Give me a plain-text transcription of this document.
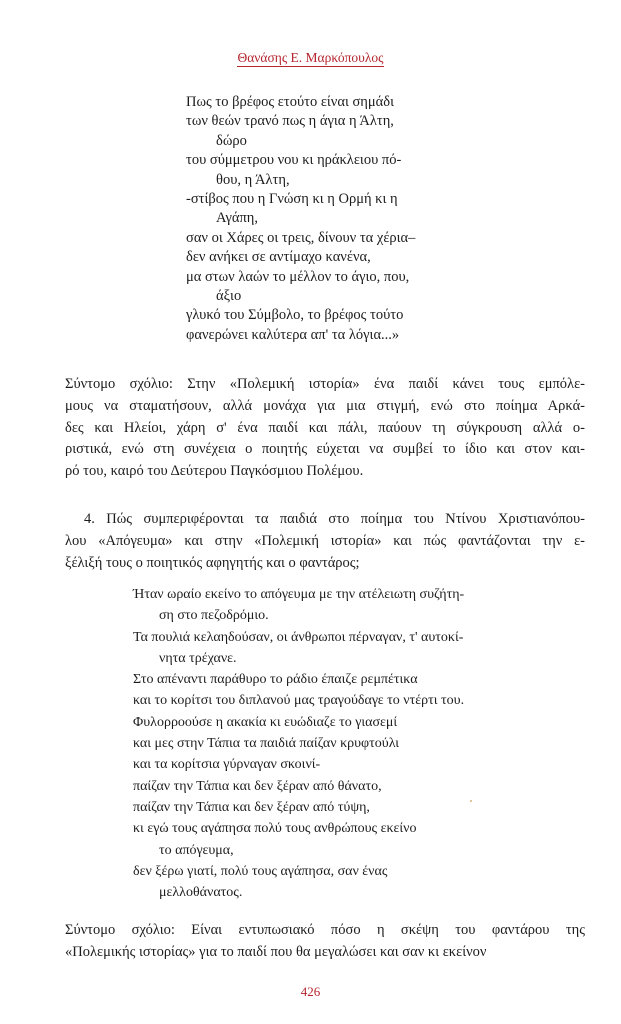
Θανάσης Ε. Μαρκόπουλος
Πως το βρέφος ετούτο είναι σημάδι
των θεών τρανό πως η άγια η Άλτη,
δώρο
του σύμμετρου νου κι ηράκλειου πό-
θου, η Άλτη,
-στίβος που η Γνώση κι η Ορμή κι η
Αγάπη,
σαν οι Χάρες οι τρεις, δίνουν τα χέρια–
δεν ανήκει σε αντίμαχο κανένα,
μα στων λαών το μέλλον το άγιο, που,
άξιο
γλυκό του Σύμβολο, το βρέφος τούτο
φανερώνει καλύτερα απ' τα λόγια...»
Σύντομο σχόλιο: Στην «Πολεμική ιστορία» ένα παιδί κάνει τους εμπόλε-
μους να σταματήσουν, αλλά μονάχα για μια στιγμή, ενώ στο ποίημα Αρκά-
δες και Ηλείοι, χάρη σ' ένα παιδί και πάλι, παύουν τη σύγκρουση αλλά ο-
ριστικά, ενώ στη συνέχεια ο ποιητής εύχεται να συμβεί το ίδιο και στον και-
ρό του, καιρό του Δεύτερου Παγκόσμιου Πολέμου.
4. Πώς συμπεριφέρονται τα παιδιά στο ποίημα του Ντίνου Χριστιανόπου-
λου «Απόγευμα» και στην «Πολεμική ιστορία» και πώς φαντάζονται την ε-
ξέλιξή τους ο ποιητικός αφηγητής και ο φαντάρος;
Ήταν ωραίο εκείνο το απόγευμα με την ατέλειωτη συζήτη-
ση στο πεζοδρόμιο.
Τα πουλιά κελαηδούσαν, οι άνθρωποι πέρναγαν, τ' αυτοκί-
νητα τρέχανε.
Στο απέναντι παράθυρο το ράδιο έπαιζε ρεμπέτικα
και το κορίτσι του διπλανού μας τραγούδαγε το ντέρτι του.
Φυλορροούσε η ακακία κι ευώδιαζε το γιασεμί
και μες στην Τάπια τα παιδιά παίζαν κρυφτούλι
και τα κορίτσια γύρναγαν σκοινί-
παίζαν την Τάπια και δεν ξέραν από θάνατο,
παίζαν την Τάπια και δεν ξέραν από τύψη,
κι εγώ τους αγάπησα πολύ τους ανθρώπους εκείνο
το απόγευμα,
δεν ξέρω γιατί, πολύ τους αγάπησα, σαν ένας
μελλοθάνατος.
Σύντομο σχόλιο: Είναι εντυπωσιακό πόσο η σκέψη του φαντάρου της
«Πολεμικής ιστορίας» για το παιδί που θα μεγαλώσει και σαν κι εκείνον
426
